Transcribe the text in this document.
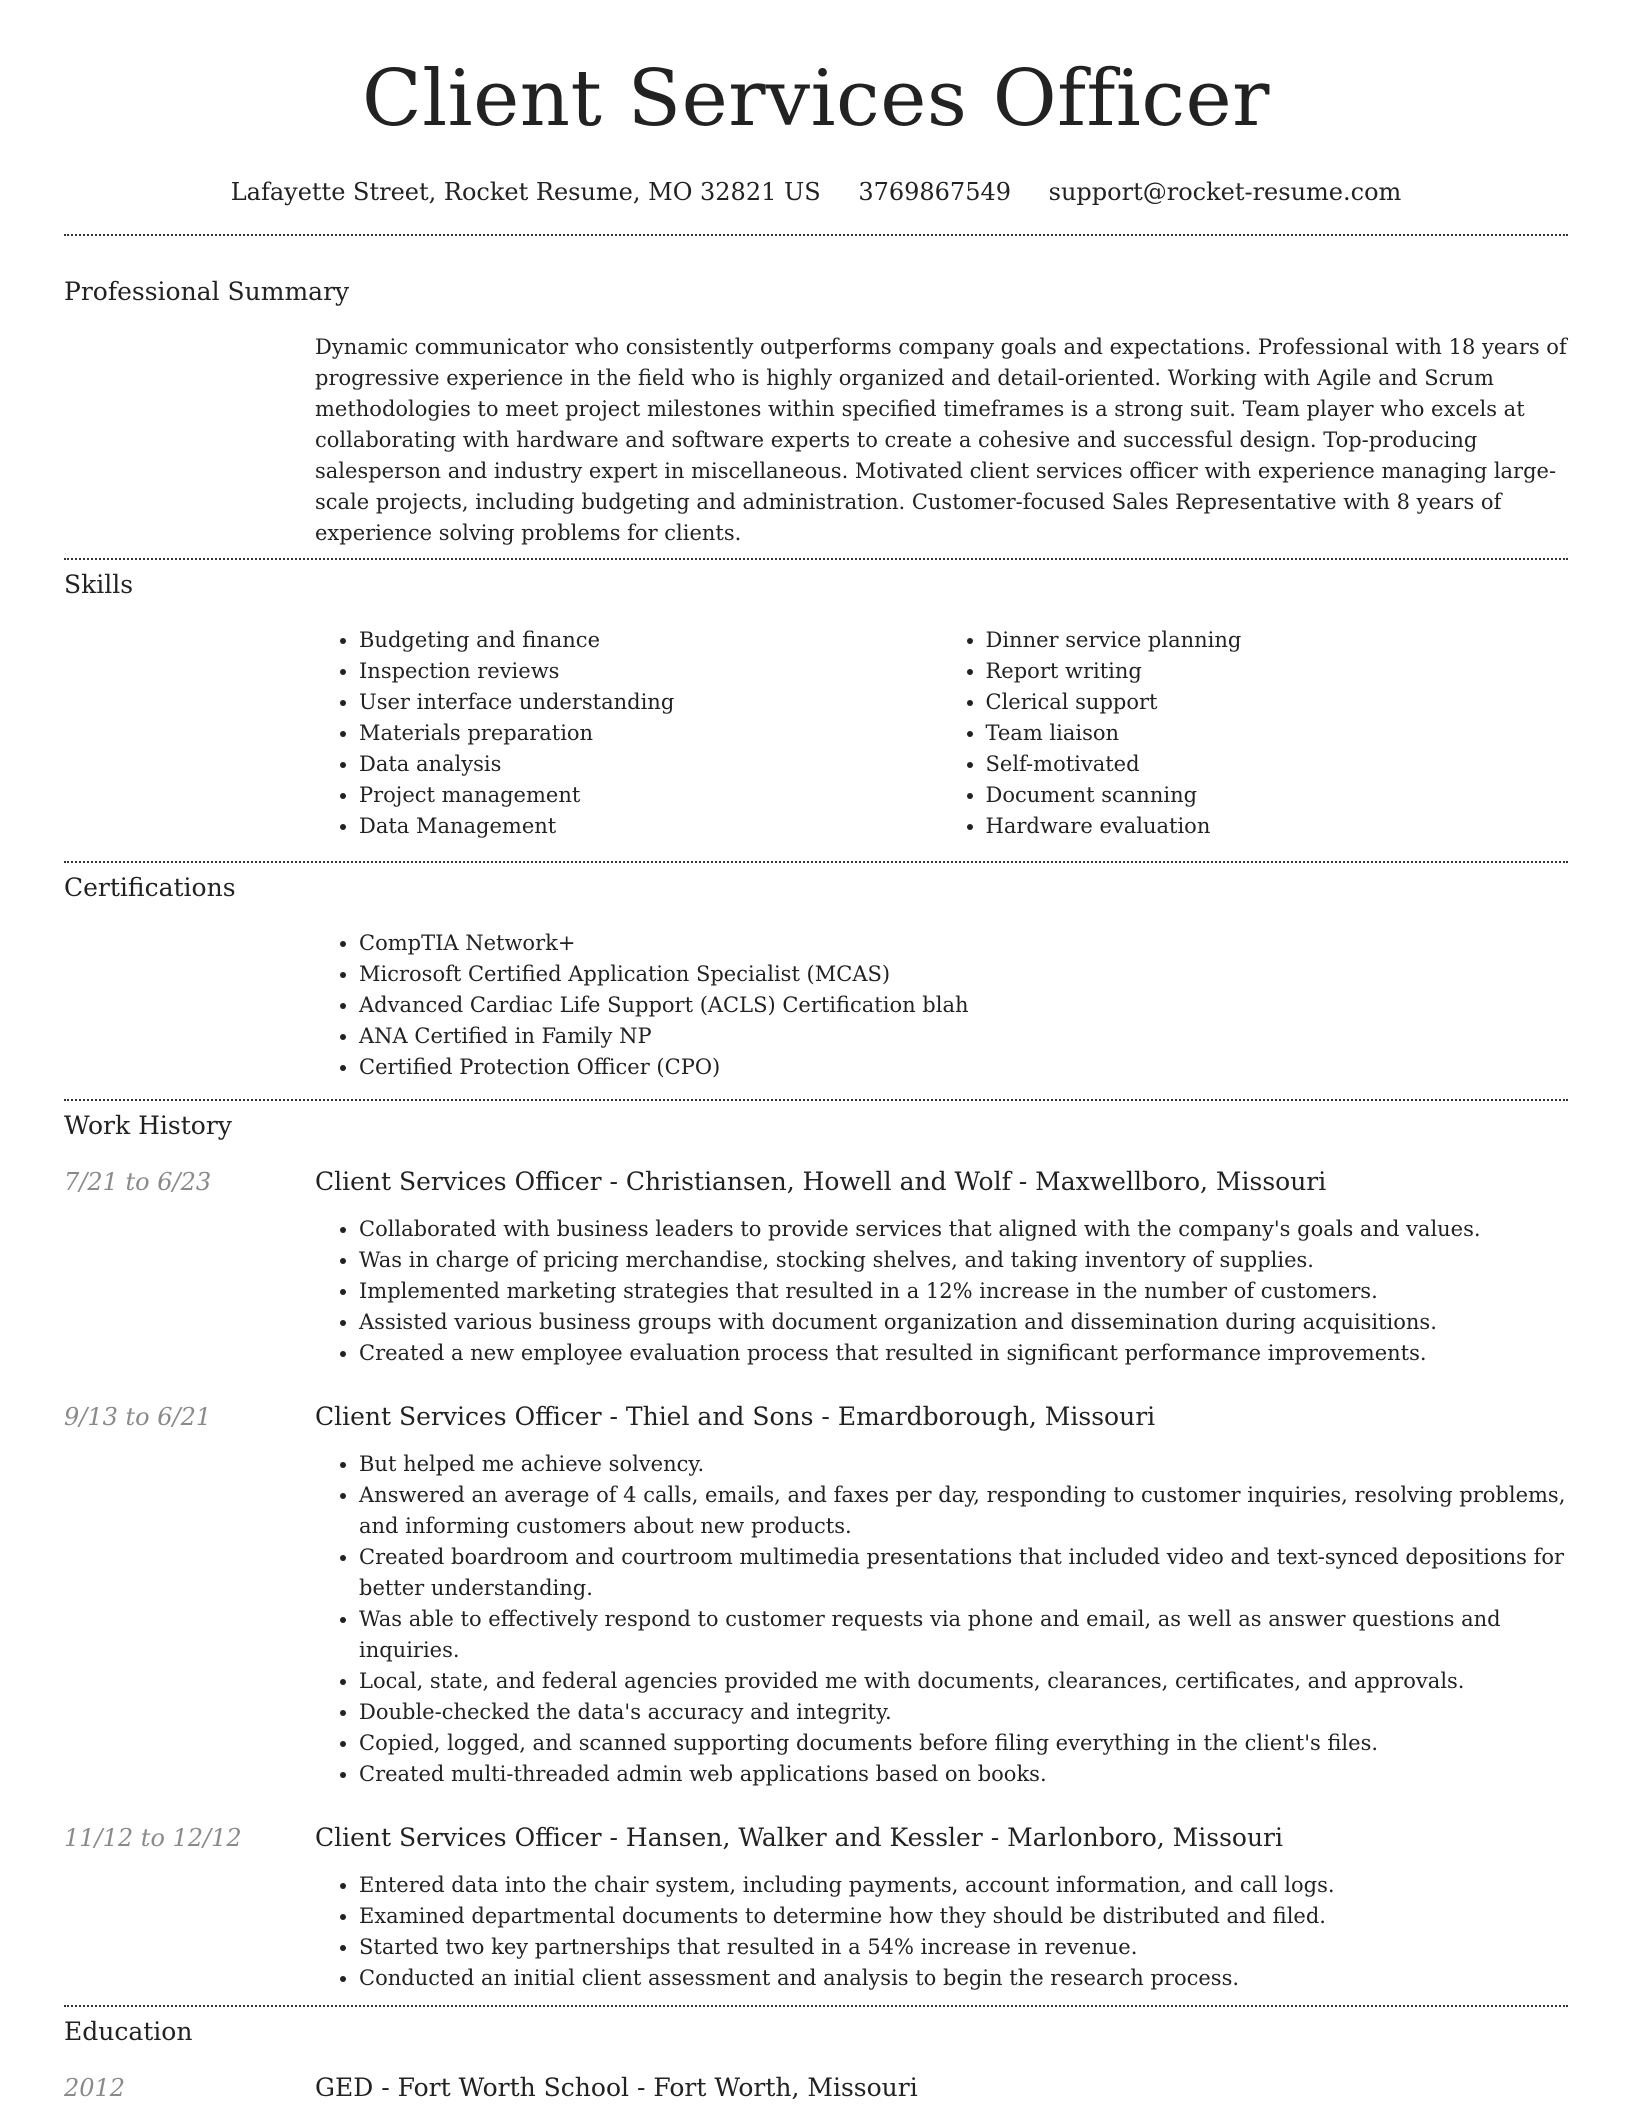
Client Services Officer
Lafayette Street, Rocket Resume, MO 32821 US 3769867549 support@rocket-resume.com
Professional Summary

Dynamic communicator who consistently outperforms company goals and expectations. Professional with 18 years of progressive experience in the field who is highly organized and detail-oriented. Working with Agile and Scrum methodologies to meet project milestones within specified timeframes is a strong suit. Team player who excels at collaborating with hardware and software experts to create a cohesive and successful design. Top-producing salesperson and industry expert in miscellaneous. Motivated client services officer with experience managing large-scale projects, including budgeting and administration. Customer-focused Sales Representative with 8 years of experience solving problems for clients.

Skills
• Budgeting and finance
• Inspection reviews
• User interface understanding
• Materials preparation
• Data analysis
• Project management
• Data Management
• Dinner service planning
• Report writing
• Clerical support
• Team liaison
• Self-motivated
• Document scanning
• Hardware evaluation
Certifications
• CompTIA Network+
• Microsoft Certified Application Specialist (MCAS)
• Advanced Cardiac Life Support (ACLS) Certification blah
• ANA Certified in Family NP
• Certified Protection Officer (CPO)
Work History
7/21 to 6/23	Client Services Officer - Christiansen, Howell and Wolf - Maxwellboro, Missouri
• Collaborated with business leaders to provide services that aligned with the company's goals and values.
• Was in charge of pricing merchandise, stocking shelves, and taking inventory of supplies.
• Implemented marketing strategies that resulted in a 12% increase in the number of customers.
• Assisted various business groups with document organization and dissemination during acquisitions.
• Created a new employee evaluation process that resulted in significant performance improvements.
9/13 to 6/21	Client Services Officer - Thiel and Sons - Emardborough, Missouri
• But helped me achieve solvency.
• Answered an average of 4 calls, emails, and faxes per day, responding to customer inquiries, resolving problems, and informing customers about new products.
• Created boardroom and courtroom multimedia presentations that included video and text-synced depositions for better understanding.
• Was able to effectively respond to customer requests via phone and email, as well as answer questions and inquiries.
• Local, state, and federal agencies provided me with documents, clearances, certificates, and approvals.
• Double-checked the data's accuracy and integrity.
• Copied, logged, and scanned supporting documents before filing everything in the client's files.
• Created multi-threaded admin web applications based on books.
11/12 to 12/12	Client Services Officer - Hansen, Walker and Kessler - Marlonboro, Missouri
• Entered data into the chair system, including payments, account information, and call logs.
• Examined departmental documents to determine how they should be distributed and filed.
• Started two key partnerships that resulted in a 54% increase in revenue.
• Conducted an initial client assessment and analysis to begin the research process.
Education
2012	GED - Fort Worth School - Fort Worth, Missouri
